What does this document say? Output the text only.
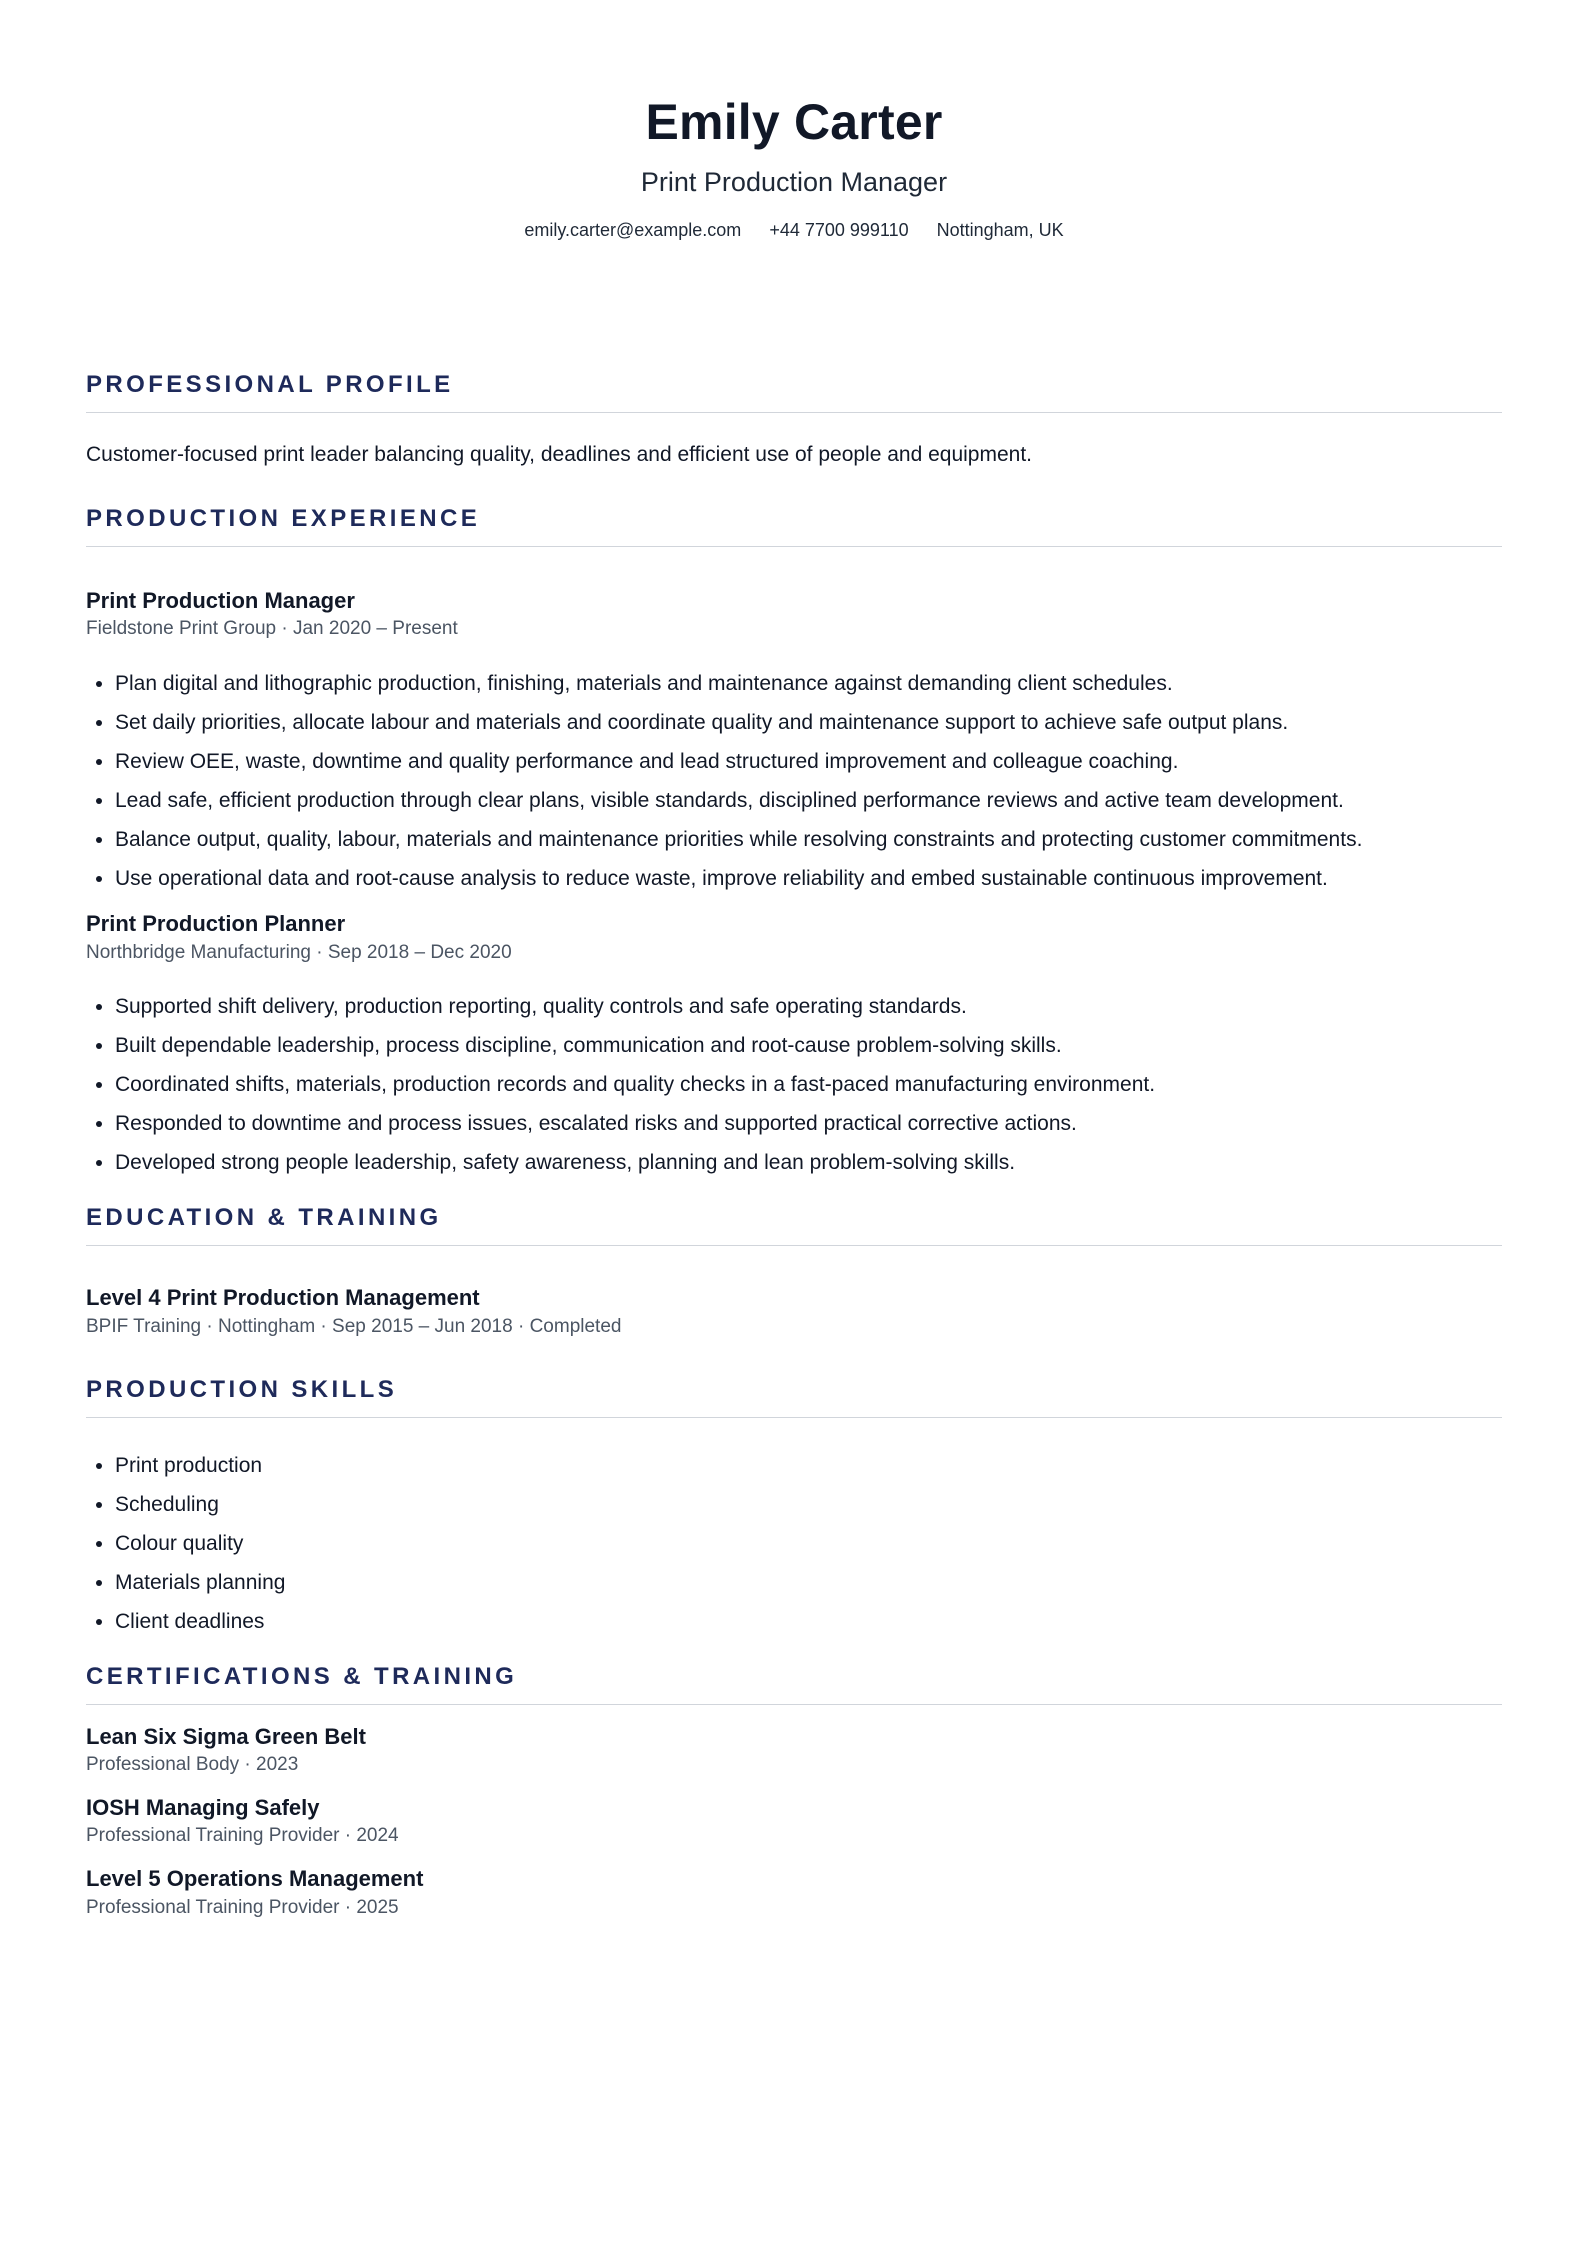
Emily Carter
Print Production Manager
emily.carter@example.com +44 7700 999110 Nottingham, UK
PROFESSIONAL PROFILE
Customer-focused print leader balancing quality, deadlines and efficient use of people and equipment.
PRODUCTION EXPERIENCE
Print Production Manager
Fieldstone Print Group · Jan 2020 – Present
• Plan digital and lithographic production, finishing, materials and maintenance against demanding client schedules.
• Set daily priorities, allocate labour and materials and coordinate quality and maintenance support to achieve safe output plans.
• Review OEE, waste, downtime and quality performance and lead structured improvement and colleague coaching.
• Lead safe, efficient production through clear plans, visible standards, disciplined performance reviews and active team development.
• Balance output, quality, labour, materials and maintenance priorities while resolving constraints and protecting customer commitments.
• Use operational data and root-cause analysis to reduce waste, improve reliability and embed sustainable continuous improvement.
Print Production Planner
Northbridge Manufacturing · Sep 2018 – Dec 2020
• Supported shift delivery, production reporting, quality controls and safe operating standards.
• Built dependable leadership, process discipline, communication and root-cause problem-solving skills.
• Coordinated shifts, materials, production records and quality checks in a fast-paced manufacturing environment.
• Responded to downtime and process issues, escalated risks and supported practical corrective actions.
• Developed strong people leadership, safety awareness, planning and lean problem-solving skills.
EDUCATION & TRAINING
Level 4 Print Production Management
BPIF Training · Nottingham · Sep 2015 – Jun 2018 · Completed
PRODUCTION SKILLS
• Print production
• Scheduling
• Colour quality
• Materials planning
• Client deadlines
CERTIFICATIONS & TRAINING
Lean Six Sigma Green Belt
Professional Body · 2023
IOSH Managing Safely
Professional Training Provider · 2024
Level 5 Operations Management
Professional Training Provider · 2025
